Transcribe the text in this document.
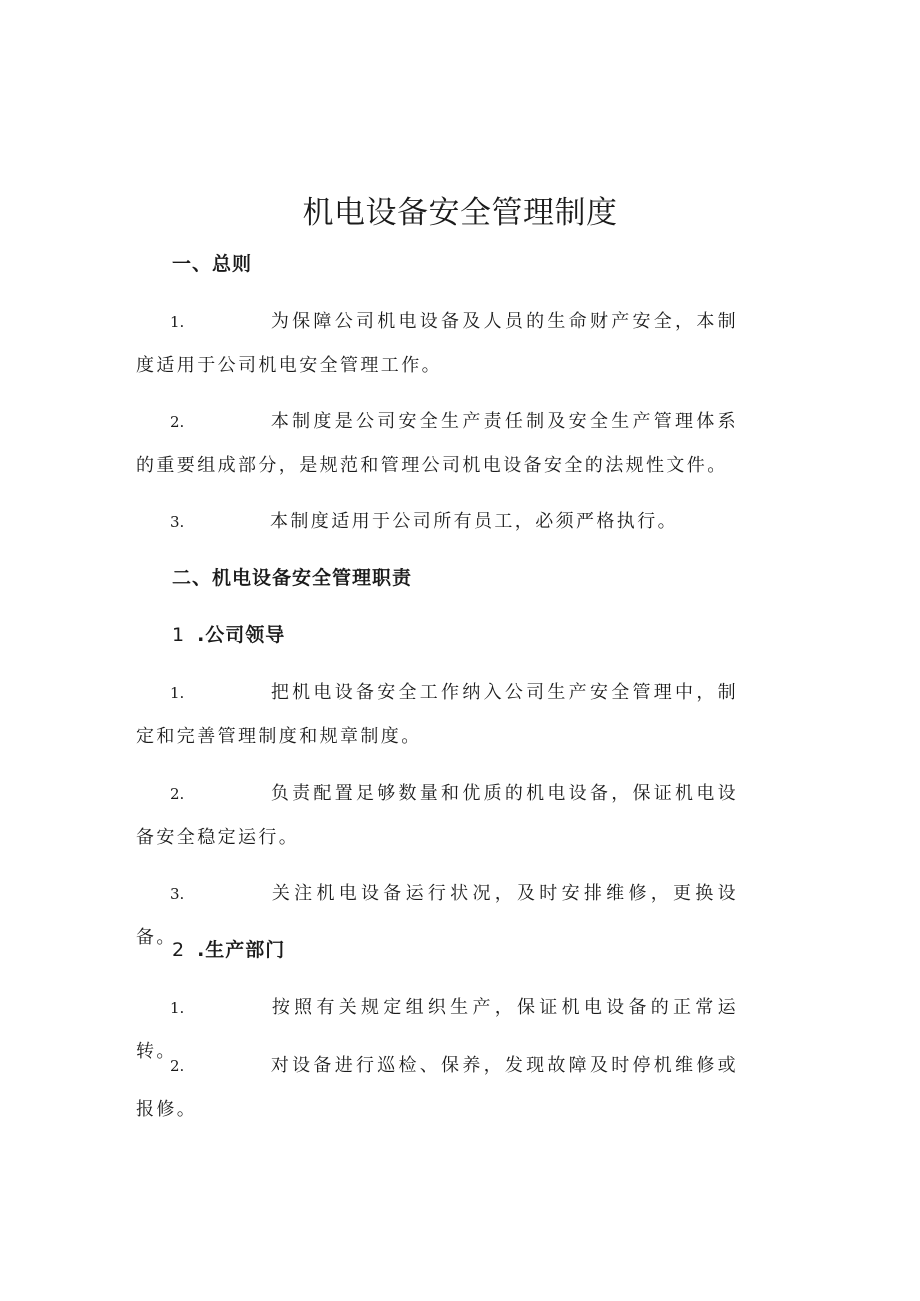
机电设备安全管理制度
一、总则

1.	为保障公司机电设备及人员的生命财产安全，本制度适用于公司机电安全管理工作。

2.	本制度是公司安全生产责任制及安全生产管理体系的重要组成部分，是规范和管理公司机电设备安全的法规性文件。

3.	本制度适用于公司所有员工，必须严格执行。

二、机电设备安全管理职责
1 .公司领导

1.	把机电设备安全工作纳入公司生产安全管理中，制定和完善管理制度和规章制度。

2.	负责配置足够数量和优质的机电设备，保证机电设备安全稳定运行。

3.	关注机电设备运行状况，及时安排维修，更换设备。

2 .生产部门

1.	按照有关规定组织生产，保证机电设备的正常运转。

2.	对设备进行巡检、保养，发现故障及时停机维修或报修。
